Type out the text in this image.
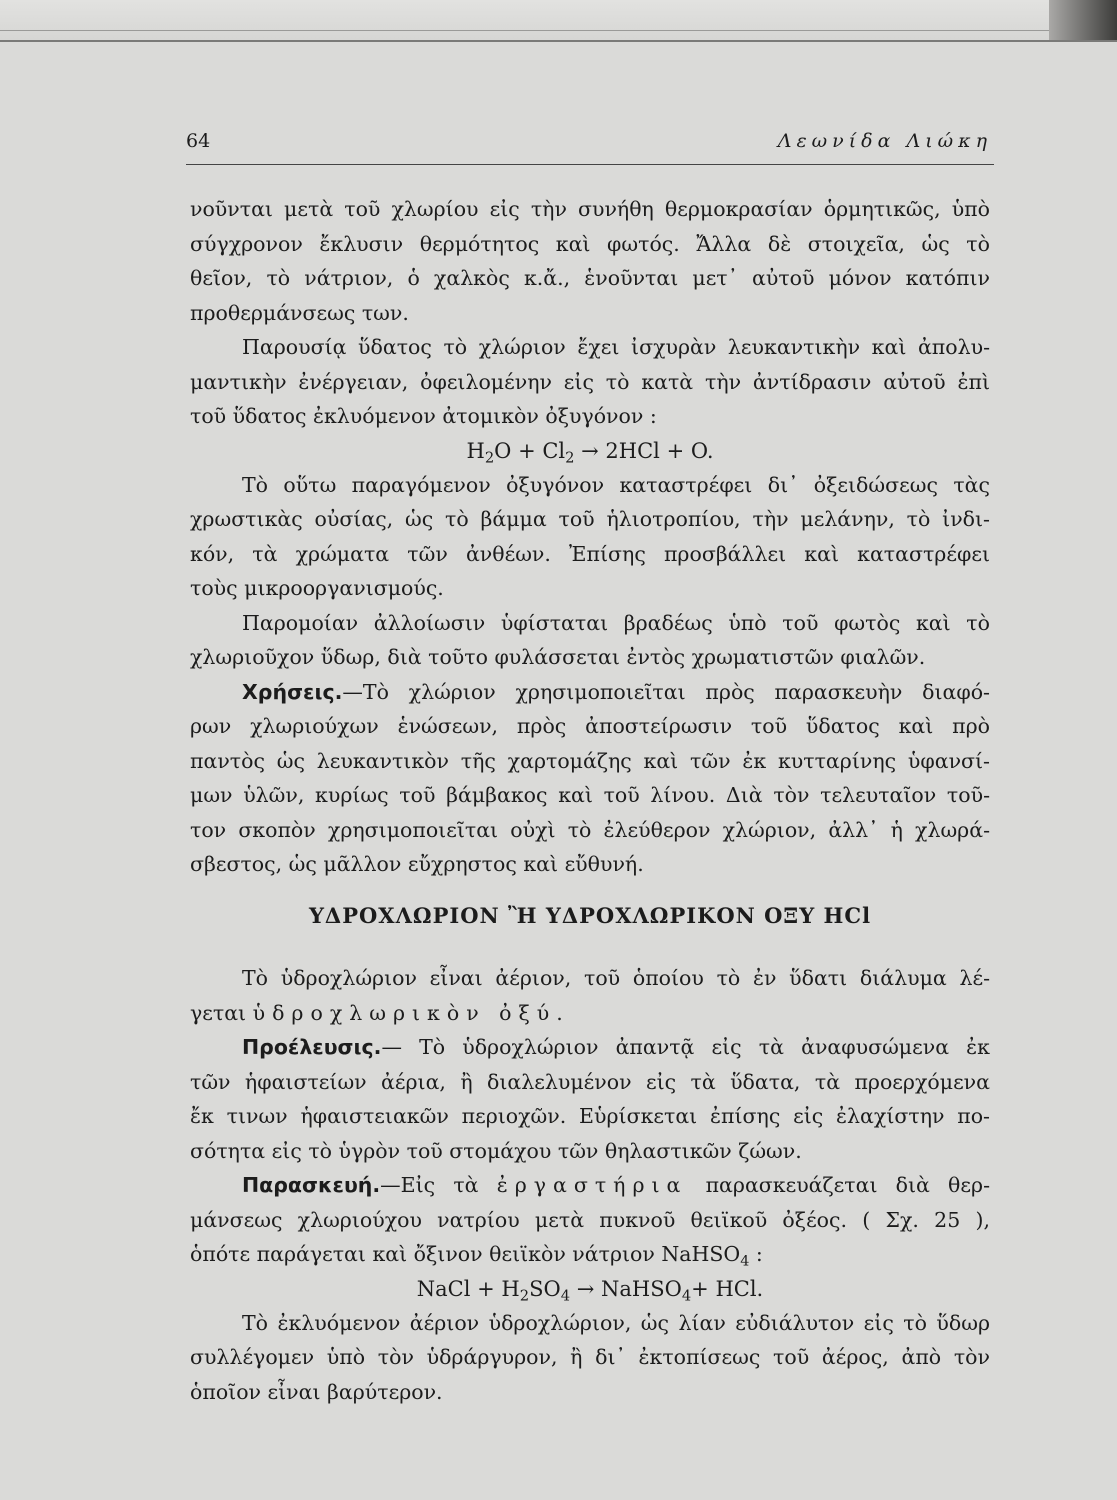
64	Λεωνίδα Λιώκη
νοῦνται μετὰ τοῦ χλωρίου εἰς τὴν συνήθη θερμοκρασίαν ὁρμητικῶς, ὑπὸ
σύγχρονον ἔκλυσιν θερμότητος καὶ φωτός. Ἄλλα δὲ στοιχεῖα, ὡς τὸ
θεῖον, τὸ νάτριον, ὁ χαλκὸς κ.ἄ., ἑνοῦνται μετ᾽ αὐτοῦ μόνον κατόπιν
προθερμάνσεως των.
Παρουσίᾳ ὕδατος τὸ χλώριον ἔχει ἰσχυρὰν λευκαντικὴν καὶ ἀπολυ-
μαντικὴν ἐνέργειαν, ὀφειλομένην εἰς τὸ κατὰ τὴν ἀντίδρασιν αὐτοῦ ἐπὶ
τοῦ ὕδατος ἐκλυόμενον ἀτομικὸν ὀξυγόνον :
$H_2O + Cl_2 \to 2HCl + O$.
Τὸ οὕτω παραγόμενον ὀξυγόνον καταστρέφει δι᾽ ὀξειδώσεως τὰς
χρωστικὰς οὐσίας, ὡς τὸ βάμμα τοῦ ἡλιοτροπίου, τὴν μελάνην, τὸ ἰνδι-
κόν, τὰ χρώματα τῶν ἀνθέων. Ἐπίσης προσβάλλει καὶ καταστρέφει
τοὺς μικροοργανισμούς.
Παρομοίαν ἀλλοίωσιν ὑφίσταται βραδέως ὑπὸ τοῦ φωτὸς καὶ τὸ
χλωριοῦχον ὕδωρ, διὰ τοῦτο φυλάσσεται ἐντὸς χρωματιστῶν φιαλῶν.
Χρήσεις.—Τὸ χλώριον χρησιμοποιεῖται πρὸς παρασκευὴν διαφό-
ρων χλωριούχων ἑνώσεων, πρὸς ἀποστείρωσιν τοῦ ὕδατος καὶ πρὸ
παντὸς ὡς λευκαντικὸν τῆς χαρτομάζης καὶ τῶν ἐκ κυτταρίνης ὑφανσί-
μων ὑλῶν, κυρίως τοῦ βάμβακος καὶ τοῦ λίνου. Διὰ τὸν τελευταῖον τοῦ-
τον σκοπὸν χρησιμοποιεῖται οὐχὶ τὸ ἐλεύθερον χλώριον, ἀλλ᾽ ἡ χλωρά-
σβεστος, ὡς μᾶλλον εὔχρηστος καὶ εὔθυνή.
ΥΔΡΟΧΛΩΡΙΟΝ Ἢ ΥΔΡΟΧΛΩΡΙΚΟΝ ΟΞΥ HCl
Τὸ ὑδροχλώριον εἶναι ἀέριον, τοῦ ὁποίου τὸ ἐν ὕδατι διάλυμα λέ-
γεται ὑδροχλωρικὸν ὀξύ.
Προέλευσις.— Τὸ ὑδροχλώριον ἀπαντᾷ εἰς τὰ ἀναφυσώμενα ἐκ
τῶν ἡφαιστείων ἀέρια, ἢ διαλελυμένον εἰς τὰ ὕδατα, τὰ προερχόμενα
ἔκ τινων ἡφαιστειακῶν περιοχῶν. Εὑρίσκεται ἐπίσης εἰς ἐλαχίστην πο-
σότητα εἰς τὸ ὑγρὸν τοῦ στομάχου τῶν θηλαστικῶν ζώων.
Παρασκευή.—Εἰς τὰ ἐργαστήρια παρασκευάζεται διὰ θερ-
μάνσεως χλωριούχου νατρίου μετὰ πυκνοῦ θειϊκοῦ ὀξέος. ( Σχ. 25 ),
ὁπότε παράγεται καὶ ὄξινον θειϊκὸν νάτριον NaHSO$_4$ :
NaCl + $H_2SO_4$ → NaHSO$_4$+ HCl.
Τὸ ἐκλυόμενον ἀέριον ὑδροχλώριον, ὡς λίαν εὐδιάλυτον εἰς τὸ ὕδωρ
συλλέγομεν ὑπὸ τὸν ὑδράργυρον, ἢ δι᾽ ἐκτοπίσεως τοῦ ἀέρος, ἀπὸ τὸν
ὁποῖον εἶναι βαρύτερον.
